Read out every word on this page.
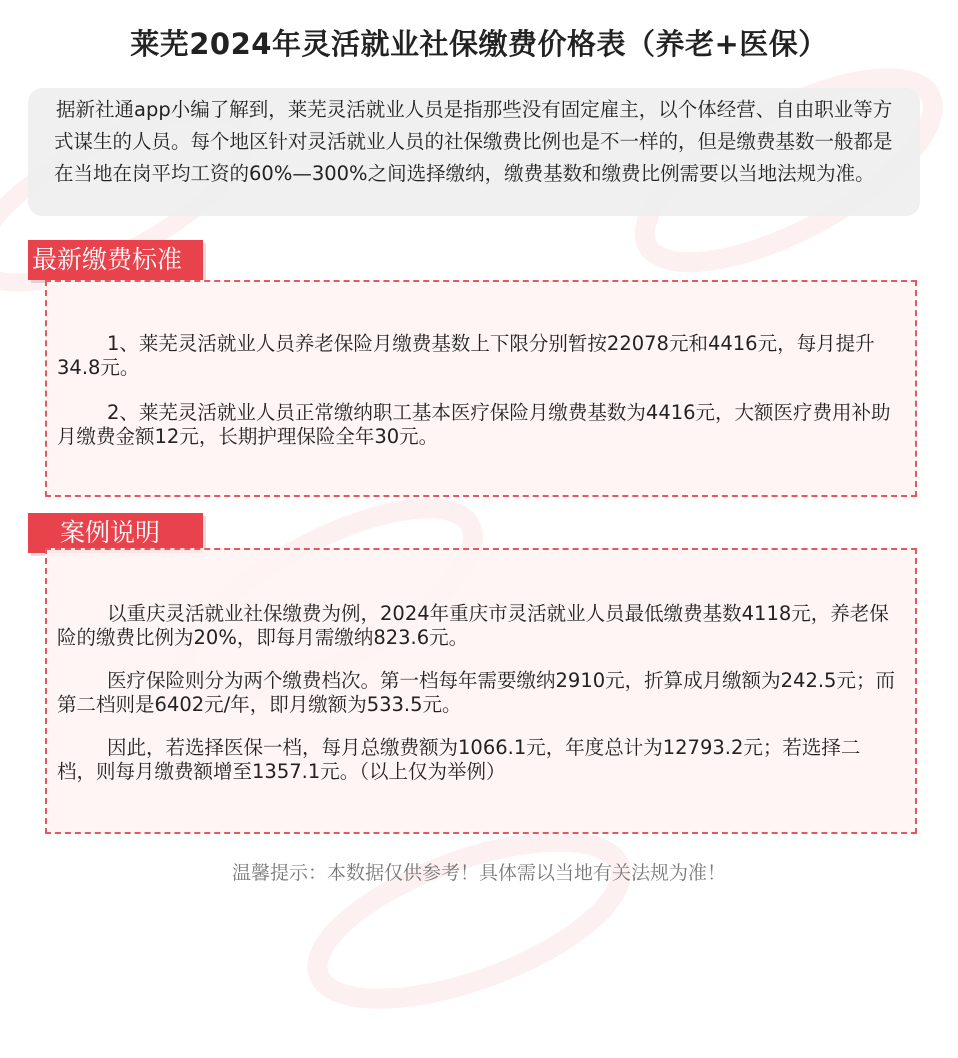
莱芜2024年灵活就业社保缴费价格表（养老+医保）
据新社通app小编了解到，莱芜灵活就业人员是指那些没有固定雇主，以个体经营、自由职业等方式谋生的人员。每个地区针对灵活就业人员的社保缴费比例也是不一样的，但是缴费基数一般都是在当地在岗平均工资的60%—300%之间选择缴纳，缴费基数和缴费比例需要以当地法规为准。
最新缴费标准

1、莱芜灵活就业人员养老保险月缴费基数上下限分别暂按22078元和4416元，每月提升34.8元。

2、莱芜灵活就业人员正常缴纳职工基本医疗保险月缴费基数为4416元，大额医疗费用补助月缴费金额12元，长期护理保险全年30元。

案例说明

以重庆灵活就业社保缴费为例，2024年重庆市灵活就业人员最低缴费基数4118元，养老保险的缴费比例为20%，即每月需缴纳823.6元。

医疗保险则分为两个缴费档次。第一档每年需要缴纳2910元，折算成月缴额为242.5元；而第二档则是6402元/年，即月缴额为533.5元。

因此，若选择医保一档，每月总缴费额为1066.1元，年度总计为12793.2元；若选择二档，则每月缴费额增至1357.1元。（以上仅为举例）

温馨提示：本数据仅供参考！具体需以当地有关法规为准！
